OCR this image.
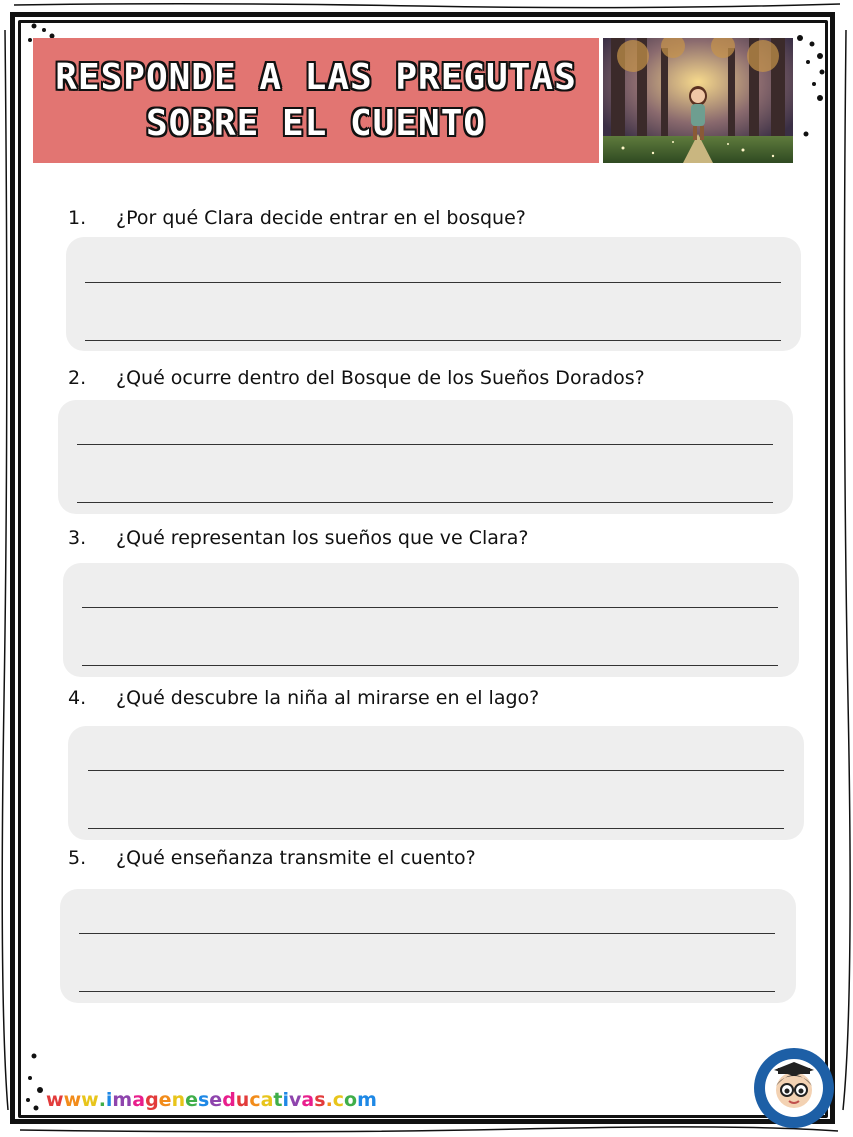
RESPONDE A LAS PREGUTAS
SOBRE EL CUENTO
1.	¿Por qué Clara decide entrar en el bosque?
2.	¿Qué ocurre dentro del Bosque de los Sueños Dorados?
3.	¿Qué representan los sueños que ve Clara?
4.	¿Qué descubre la niña al mirarse en el lago?
5.	¿Qué enseñanza transmite el cuento?
www.imageneseducativas.com
